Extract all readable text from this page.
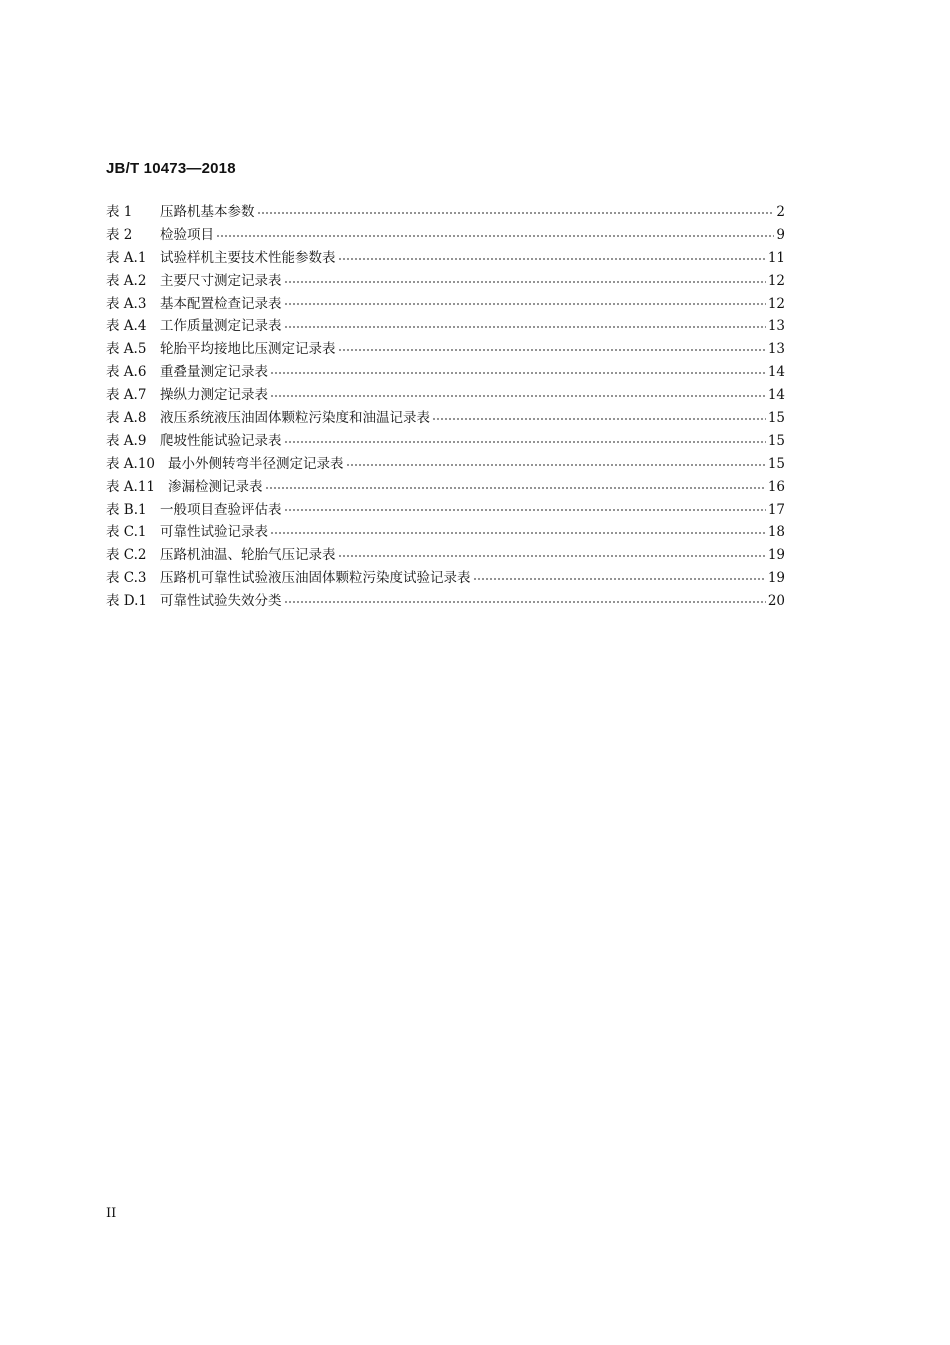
JB/T 10473—2018
表 1	压路机基本参数	2
表 2	检验项目	9
表 A.1	试验样机主要技术性能参数表	11
表 A.2	主要尺寸测定记录表	12
表 A.3	基本配置检查记录表	12
表 A.4	工作质量测定记录表	13
表 A.5	轮胎平均接地比压测定记录表	13
表 A.6	重叠量测定记录表	14
表 A.7	操纵力测定记录表	14
表 A.8	液压系统液压油固体颗粒污染度和油温记录表	15
表 A.9	爬坡性能试验记录表	15
表 A.10 最小外侧转弯半径测定记录表	15
表 A.11 渗漏检测记录表	16
表 B.1 一般项目查验评估表	17
表 C.1 可靠性试验记录表	18
表 C.2 压路机油温、轮胎气压记录表	19
表 C.3 压路机可靠性试验液压油固体颗粒污染度试验记录表	19
表 D.1 可靠性试验失效分类	20
II
